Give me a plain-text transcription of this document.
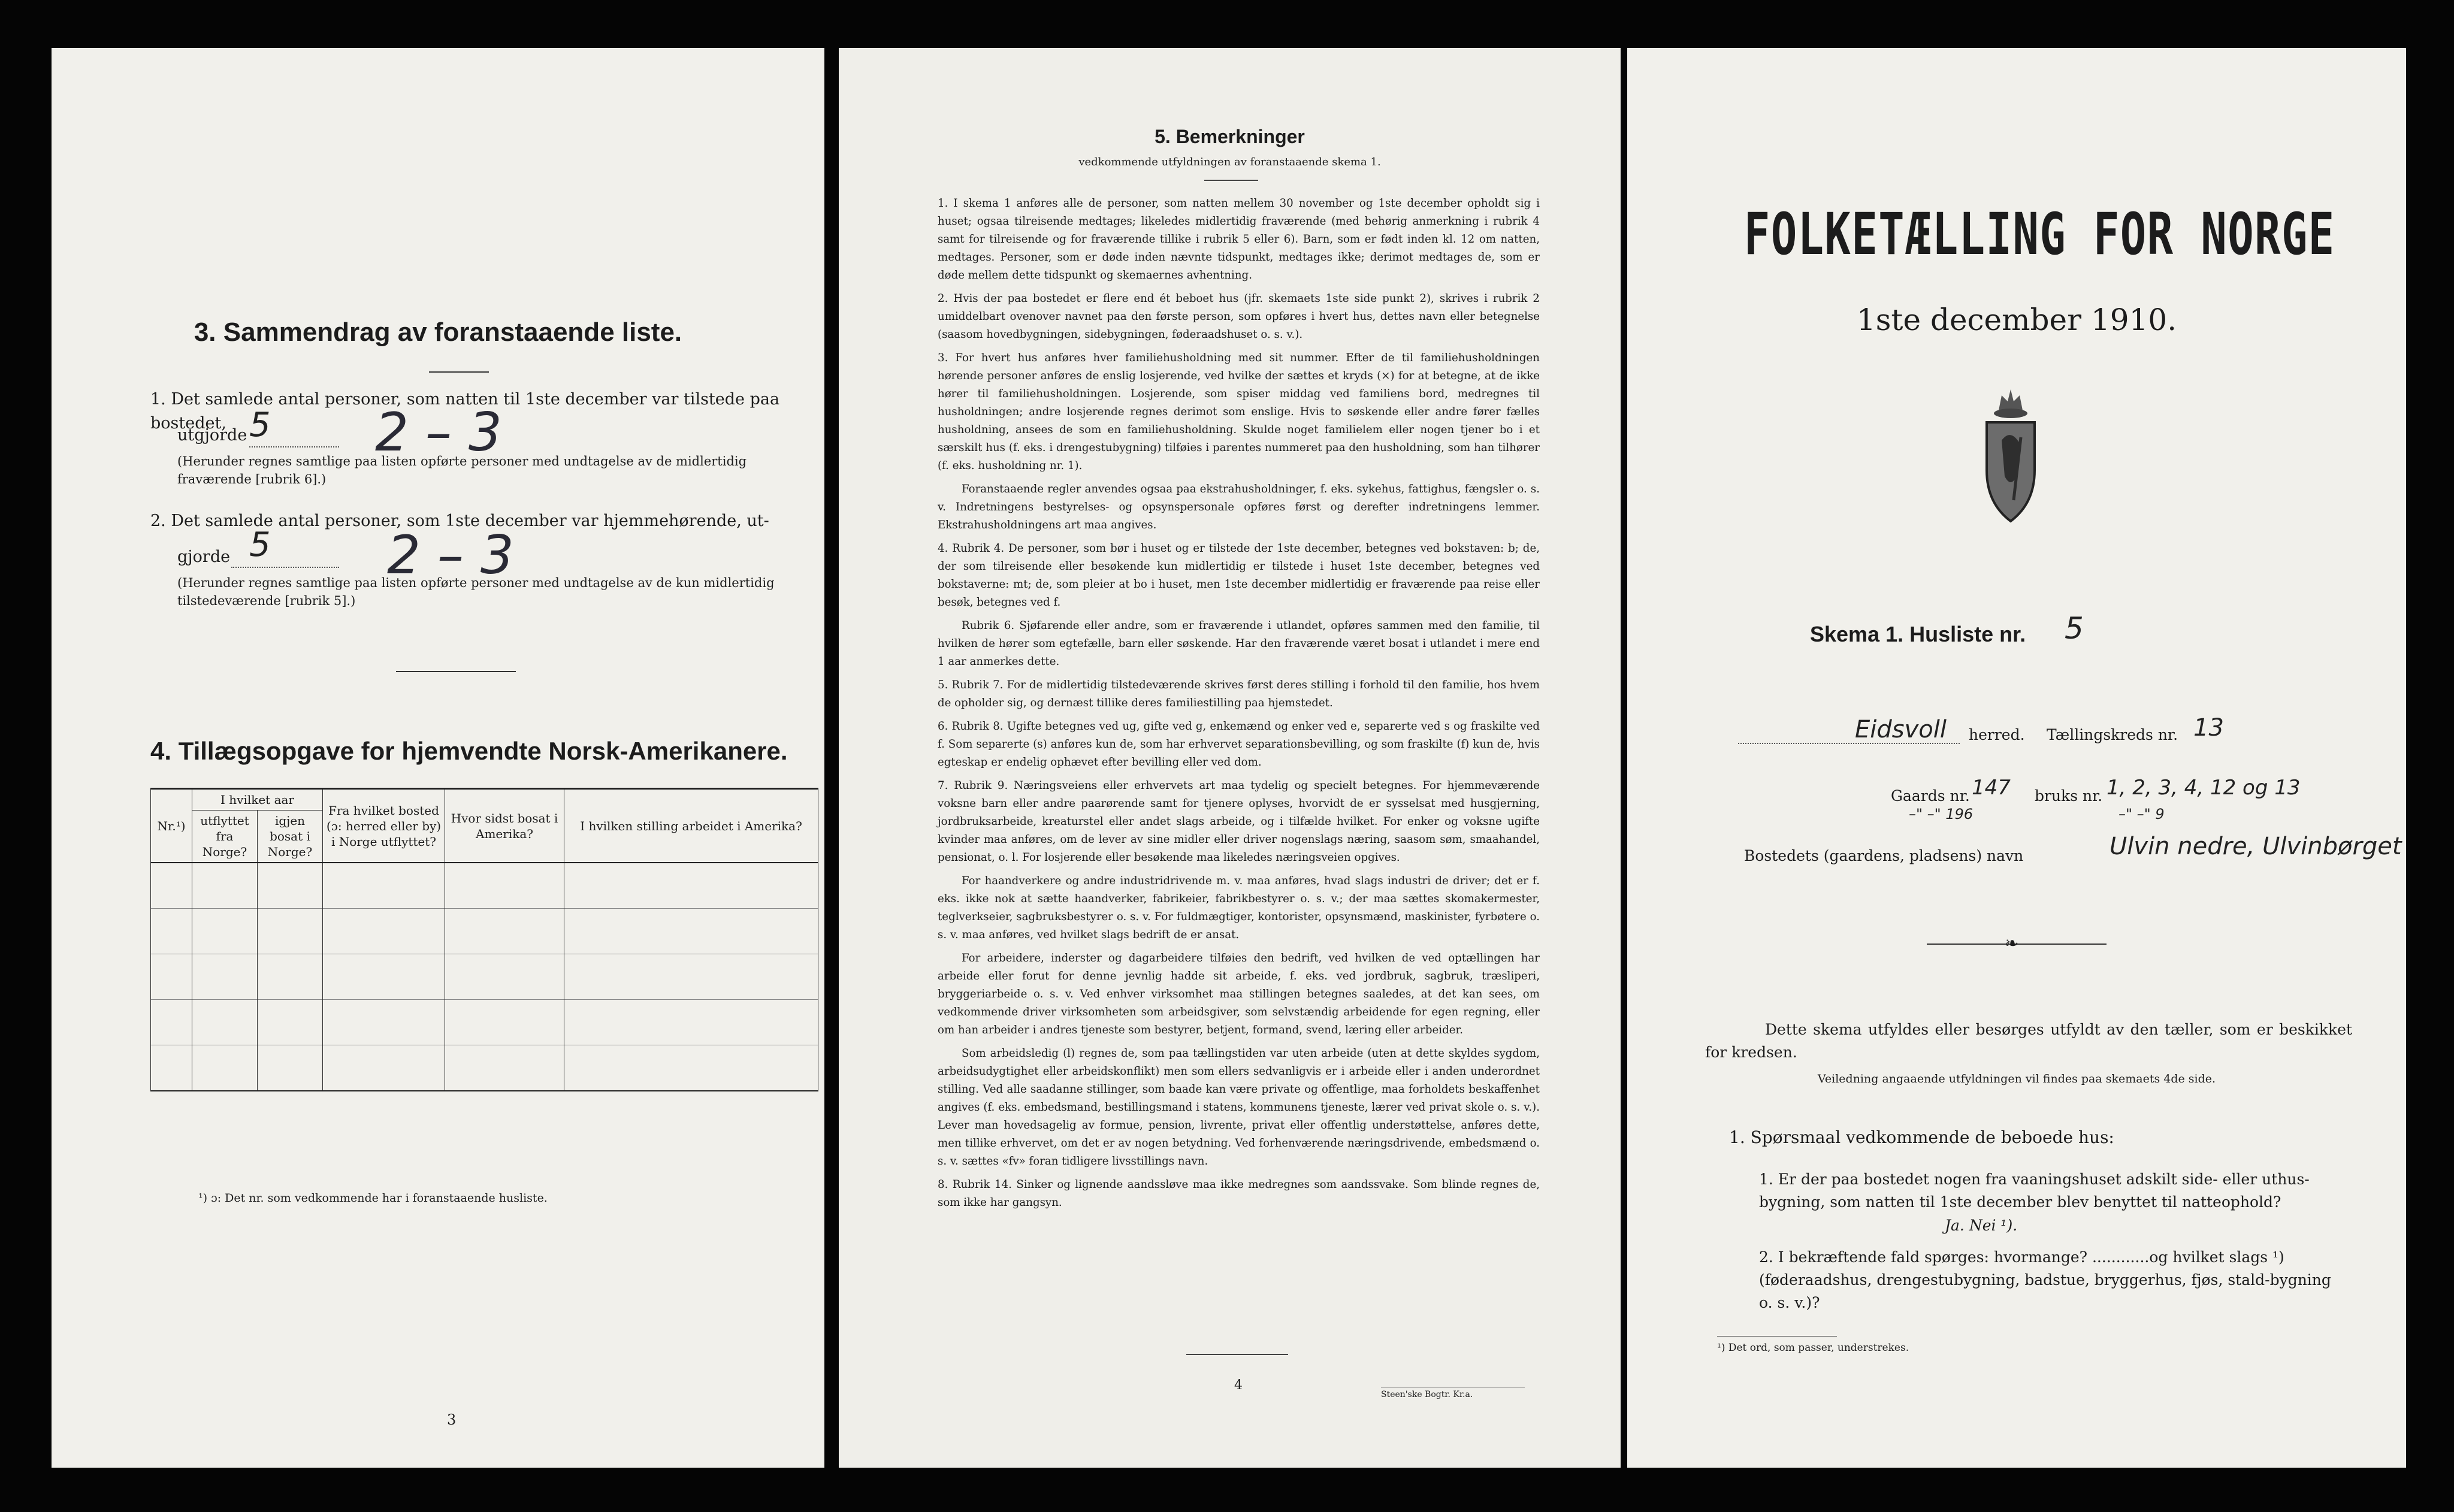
3. Sammendrag av foranstaaende liste.
1. Det samlede antal personer, som natten til 1ste december var tilstede paa bostedet,
utgjorde 5 2 – 3
(Herunder regnes samtlige paa listen opførte personer med undtagelse av de midlertidig fraværende [rubrik 6].)
2. Det samlede antal personer, som 1ste december var hjemmehørende, ut-
gjorde 5 2 – 3
(Herunder regnes samtlige paa listen opførte personer med undtagelse av de kun midlertidig tilstedeværende [rubrik 5].)
4. Tillægsopgave for hjemvendte Norsk-Amerikanere.
Nr.¹)	I hvilket aar		Fra hvilket bosted (ɔ: herred eller by) i Norge utflyttet?	Hvor sidst bosat i Amerika?	I hvilken stilling arbeidet i Amerika?
	utflyttet fra Norge?	igjen bosat i Norge?			

¹) ɔ: Det nr. som vedkommende har i foranstaaende husliste.
3
5. Bemerkninger
vedkommende utfyldningen av foranstaaende skema 1.

1. I skema 1 anføres alle de personer, som natten mellem 30 november og 1ste december opholdt sig i huset; ogsaa tilreisende medtages; likeledes midlertidig fraværende (med behørig anmerkning i rubrik 4 samt for tilreisende og for fraværende tillike i rubrik 5 eller 6). Barn, som er født inden kl. 12 om natten, medtages. Personer, som er døde inden nævnte tidspunkt, medtages ikke; derimot medtages de, som er døde mellem dette tidspunkt og skemaernes avhentning.

2. Hvis der paa bostedet er flere end ét beboet hus (jfr. skemaets 1ste side punkt 2), skrives i rubrik 2 umiddelbart ovenover navnet paa den første person, som opføres i hvert hus, dettes navn eller betegnelse (saasom hovedbygningen, sidebygningen, føderaadshuset o. s. v.).

3. For hvert hus anføres hver familiehusholdning med sit nummer. Efter de til familiehusholdningen hørende personer anføres de enslig losjerende, ved hvilke der sættes et kryds (×) for at betegne, at de ikke hører til familiehusholdningen. Losjerende, som spiser middag ved familiens bord, medregnes til husholdningen; andre losjerende regnes derimot som enslige. Hvis to søskende eller andre fører fælles husholdning, ansees de som en familiehusholdning. Skulde noget familielem eller nogen tjener bo i et særskilt hus (f. eks. i drengestubygning) tilføies i parentes nummeret paa den husholdning, som han tilhører (f. eks. husholdning nr. 1).

Foranstaaende regler anvendes ogsaa paa ekstrahusholdninger, f. eks. sykehus, fattighus, fængsler o. s. v. Indretningens bestyrelses- og opsynspersonale opføres først og derefter indretningens lemmer. Ekstrahusholdningens art maa angives.

4. Rubrik 4. De personer, som bør i huset og er tilstede der 1ste december, betegnes ved bokstaven: b; de, der som tilreisende eller besøkende kun midlertidig er tilstede i huset 1ste december, betegnes ved bokstaverne: mt; de, som pleier at bo i huset, men 1ste december midlertidig er fraværende paa reise eller besøk, betegnes ved f.

Rubrik 6. Sjøfarende eller andre, som er fraværende i utlandet, opføres sammen med den familie, til hvilken de hører som egtefælle, barn eller søskende. Har den fraværende været bosat i utlandet i mere end 1 aar anmerkes dette.

5. Rubrik 7. For de midlertidig tilstedeværende skrives først deres stilling i forhold til den familie, hos hvem de opholder sig, og dernæst tillike deres familiestilling paa hjemstedet.

6. Rubrik 8. Ugifte betegnes ved ug, gifte ved g, enkemænd og enker ved e, separerte ved s og fraskilte ved f. Som separerte (s) anføres kun de, som har erhvervet separationsbevilling, og som fraskilte (f) kun de, hvis egteskap er endelig ophævet efter bevilling eller ved dom.

7. Rubrik 9. Næringsveiens eller erhvervets art maa tydelig og specielt betegnes. For hjemmeværende voksne barn eller andre paarørende samt for tjenere oplyses, hvorvidt de er sysselsat med husgjerning, jordbruksarbeide, kreaturstel eller andet slags arbeide, og i tilfælde hvilket. For enker og voksne ugifte kvinder maa anføres, om de lever av sine midler eller driver nogenslags næring, saasom søm, smaahandel, pensionat, o. l. For losjerende eller besøkende maa likeledes næringsveien opgives.

For haandverkere og andre industridrivende m. v. maa anføres, hvad slags industri de driver; det er f. eks. ikke nok at sætte haandverker, fabrikeier, fabrikbestyrer o. s. v.; der maa sættes skomakermester, teglverkseier, sagbruksbestyrer o. s. v. For fuldmægtiger, kontorister, opsynsmænd, maskinister, fyrbøtere o. s. v. maa anføres, ved hvilket slags bedrift de er ansat.

For arbeidere, inderster og dagarbeidere tilføies den bedrift, ved hvilken de ved optællingen har arbeide eller forut for denne jevnlig hadde sit arbeide, f. eks. ved jordbruk, sagbruk, træsliperi, bryggeriarbeide o. s. v. Ved enhver virksomhet maa stillingen betegnes saaledes, at det kan sees, om vedkommende driver virksomheten som arbeidsgiver, som selvstændig arbeidende for egen regning, eller om han arbeider i andres tjeneste som bestyrer, betjent, formand, svend, læring eller arbeider.

Som arbeidsledig (l) regnes de, som paa tællingstiden var uten arbeide (uten at dette skyldes sygdom, arbeidsudygtighet eller arbeidskonflikt) men som ellers sedvanligvis er i arbeide eller i anden underordnet stilling. Ved alle saadanne stillinger, som baade kan være private og offentlige, maa forholdets beskaffenhet angives (f. eks. embedsmand, bestillingsmand i statens, kommunens tjeneste, lærer ved privat skole o. s. v.). Lever man hovedsagelig av formue, pension, livrente, privat eller offentlig understøttelse, anføres dette, men tillike erhvervet, om det er av nogen betydning. Ved forhenværende næringsdrivende, embedsmænd o. s. v. sættes «fv» foran tidligere livsstillings navn.

8. Rubrik 14. Sinker og lignende aandssløve maa ikke medregnes som aandssvake. Som blinde regnes de, som ikke har gangsyn.

4
Steen'ske Bogtr. Kr.a.
FOLKETÆLLING FOR NORGE
1ste december 1910.
Skema 1. Husliste nr. 5
Eidsvoll herred. Tællingskreds nr. 13
Gaards nr. 147 bruks nr. 1, 2, 3, 4, 12 og 13
–" –" 196	–" –" 9
Bostedets (gaardens, pladsens) navn	Ulvin nedre, Ulvinbørget
❧
Dette skema utfyldes eller besørges utfyldt av den tæller, som er beskikket for kredsen.
Veiledning angaaende utfyldningen vil findes paa skemaets 4de side.
1. Spørsmaal vedkommende de beboede hus:
1. Er der paa bostedet nogen fra vaaningshuset adskilt side- eller uthus-bygning, som natten til 1ste december blev benyttet til natteophold?
Ja. Nei ¹).
2. I bekræftende fald spørges: hvormange? ............og hvilket slags ¹) (føderaadshus, drengestubygning, badstue, bryggerhus, fjøs, stald-bygning o. s. v.)?
¹) Det ord, som passer, understrekes.
